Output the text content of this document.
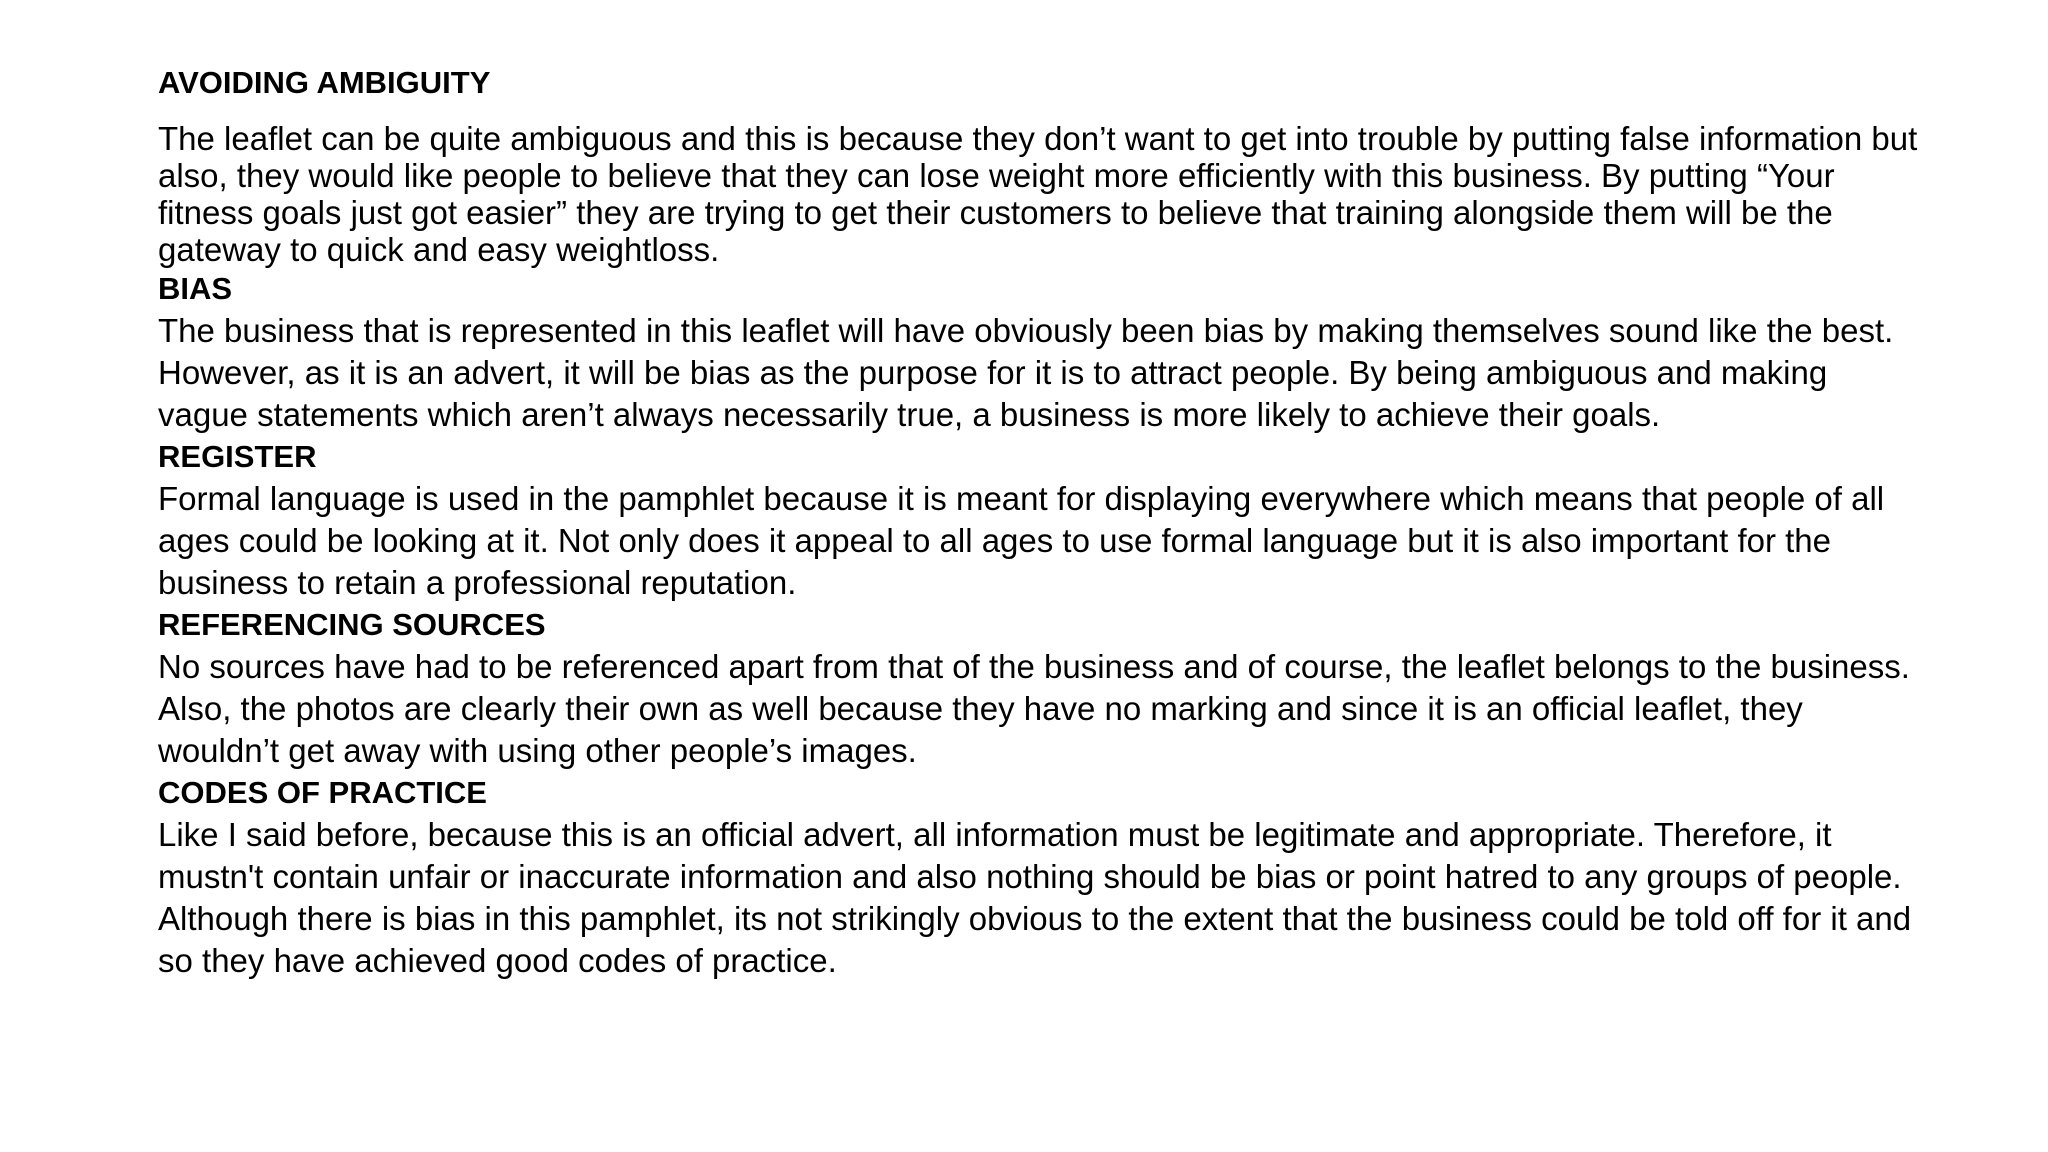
AVOIDING AMBIGUITY

The leaflet can be quite ambiguous and this is because they don’t want to get into trouble by putting false information but also, they would like people to believe that they can lose weight more efficiently with this business. By putting “Your fitness goals just got easier” they are trying to get their customers to believe that training alongside them will be the gateway to quick and easy weightloss.

BIAS

The business that is represented in this leaflet will have obviously been bias by making themselves sound like the best. However, as it is an advert, it will be bias as the purpose for it is to attract people. By being ambiguous and making vague statements which aren’t always necessarily true, a business is more likely to achieve their goals.

REGISTER

Formal language is used in the pamphlet because it is meant for displaying everywhere which means that people of all ages could be looking at it. Not only does it appeal to all ages to use formal language but it is also important for the business to retain a professional reputation.

REFERENCING SOURCES

No sources have had to be referenced apart from that of the business and of course, the leaflet belongs to the business. Also, the photos are clearly their own as well because they have no marking and since it is an official leaflet, they wouldn’t get away with using other people’s images.

CODES OF PRACTICE

Like I said before, because this is an official advert, all information must be legitimate and appropriate. Therefore, it mustn't contain unfair or inaccurate information and also nothing should be bias or point hatred to any groups of people. Although there is bias in this pamphlet, its not strikingly obvious to the extent that the business could be told off for it and so they have achieved good codes of practice.
